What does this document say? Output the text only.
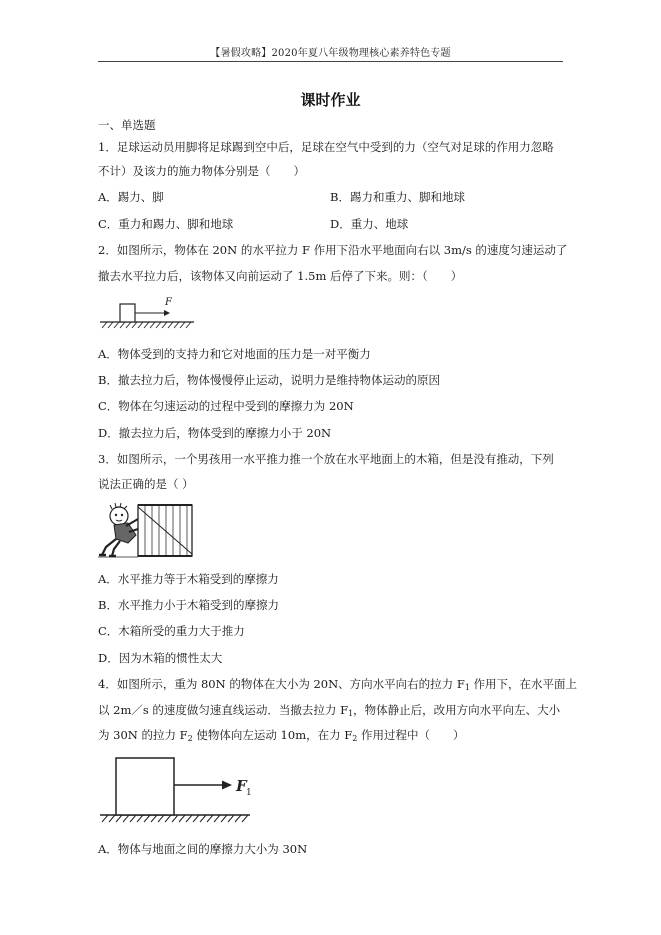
【暑假攻略】2020年夏八年级物理核心素养特色专题
课时作业
一、单选题
1．足球运动员用脚将足球踢到空中后，足球在空气中受到的力（空气对足球的作用力忽略
不计）及该力的施力物体分别是（　　）
A．踢力、脚	B．踢力和重力、脚和地球
C．重力和踢力、脚和地球	D．重力、地球
2．如图所示，物体在 20N 的水平拉力 F 作用下沿水平地面向右以 3m/s 的速度匀速运动了
撤去水平拉力后，该物体又向前运动了 1.5m 后停了下来。则：（　　）
F
A．物体受到的支持力和它对地面的压力是一对平衡力
B．撤去拉力后，物体慢慢停止运动，说明力是维持物体运动的原因
C．物体在匀速运动的过程中受到的摩擦力为 20N
D．撤去拉力后，物体受到的摩擦力小于 20N
3．如图所示，一个男孩用一水平推力推一个放在水平地面上的木箱，但是没有推动，下列
说法正确的是（ ）
A．水平推力等于木箱受到的摩擦力
B．水平推力小于木箱受到的摩擦力
C．木箱所受的重力大于推力
D．因为木箱的惯性太大
4．如图所示，重为 80N 的物体在大小为 20N、方向水平向右的拉力 $F_1$ 作用下，在水平面上
以 2m／s 的速度做匀速直线运动．当撤去拉力 $F_1$，物体静止后，改用方向水平向左、大小
为 30N 的拉力 $F_2$ 使物体向左运动 10m，在力 $F_2$ 作用过程中（　　）
F 1
A．物体与地面之间的摩擦力大小为 30N
